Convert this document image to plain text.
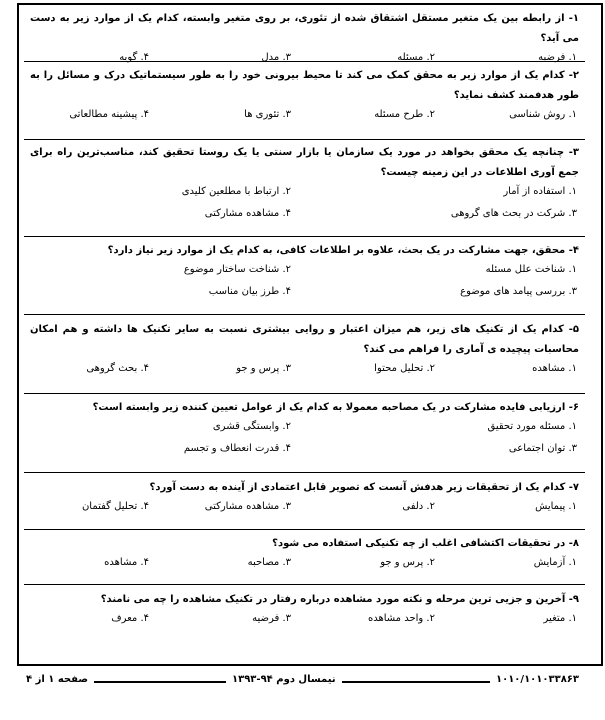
۱- از رابطه بین یک متغیر مستقل اشتقاق شده از تئوری، بر روی متغیر وابسته، کدام یک از موارد زیر به دست می آید؟
۱. فرضیه
۲. مسئله
۳. مدل
۴. گویه
۲- کدام یک از موارد زیر به محقق کمک می کند تا محیط بیرونی خود را به طور سیستماتیک درک و مسائل را به طور هدفمند کشف نماید؟
۱. روش شناسی
۲. طرح مسئله
۳. تئوری ها
۴. پیشینه مطالعاتی
۳- چنانچه یک محقق بخواهد در مورد یک سازمان یا بازار سنتی یا یک روستا تحقیق کند، مناسب‌ترین راه برای جمع آوری اطلاعات در این زمینه چیست؟
۱. استفاده از آمار
۲. ارتباط با مطلعین کلیدی
۳. شرکت در بحث های گروهی
۴. مشاهده مشارکتی
۴- محقق، جهت مشارکت در یک بحث، علاوه بر اطلاعات کافی، به کدام یک از موارد زیر نیاز دارد؟
۱. شناخت علل مسئله
۲. شناخت ساختار موضوع
۳. بررسی پیامد های موضوع
۴. طرز بیان مناسب
۵- کدام یک از تکنیک های زیر، هم میزان اعتبار و روایی بیشتری نسبت به سایر تکنیک ها داشته و هم امکان محاسبات پیچیده ی آماری را فراهم می کند؟
۱. مشاهده
۲. تحلیل محتوا
۳. پرس و جو
۴. بحث گروهی
۶- ارزیابی فایده مشارکت در یک مصاحبه معمولا به کدام یک از عوامل تعیین کننده زیر وابسته است؟
۱. مسئله مورد تحقیق
۲. وابستگی قشری
۳. توان اجتماعی
۴. قدرت انعطاف و تجسم
۷- کدام یک از تحقیقات زیر هدفش آنست که تصویر قابل اعتمادی از آینده به دست آورد؟
۱. پیمایش
۲. دلفی
۳. مشاهده مشارکتی
۴. تحلیل گفتمان
۸- در تحقیقات اکتشافی اغلب از چه تکنیکی استفاده می شود؟
۱. آزمایش
۲. پرس و جو
۳. مصاحبه
۴. مشاهده
۹- آخرین و جزیی ترین مرحله و نکته مورد مشاهده درباره رفتار در تکنیک مشاهده را چه می نامند؟
۱. متغیر
۲. واحد مشاهده
۳. فرضیه
۴. معرف
صفحه ۱ از ۴	نیمسال دوم ۹۴-۱۳۹۳	۱۰۱۰/۱۰۱۰۳۳۸۶۳
